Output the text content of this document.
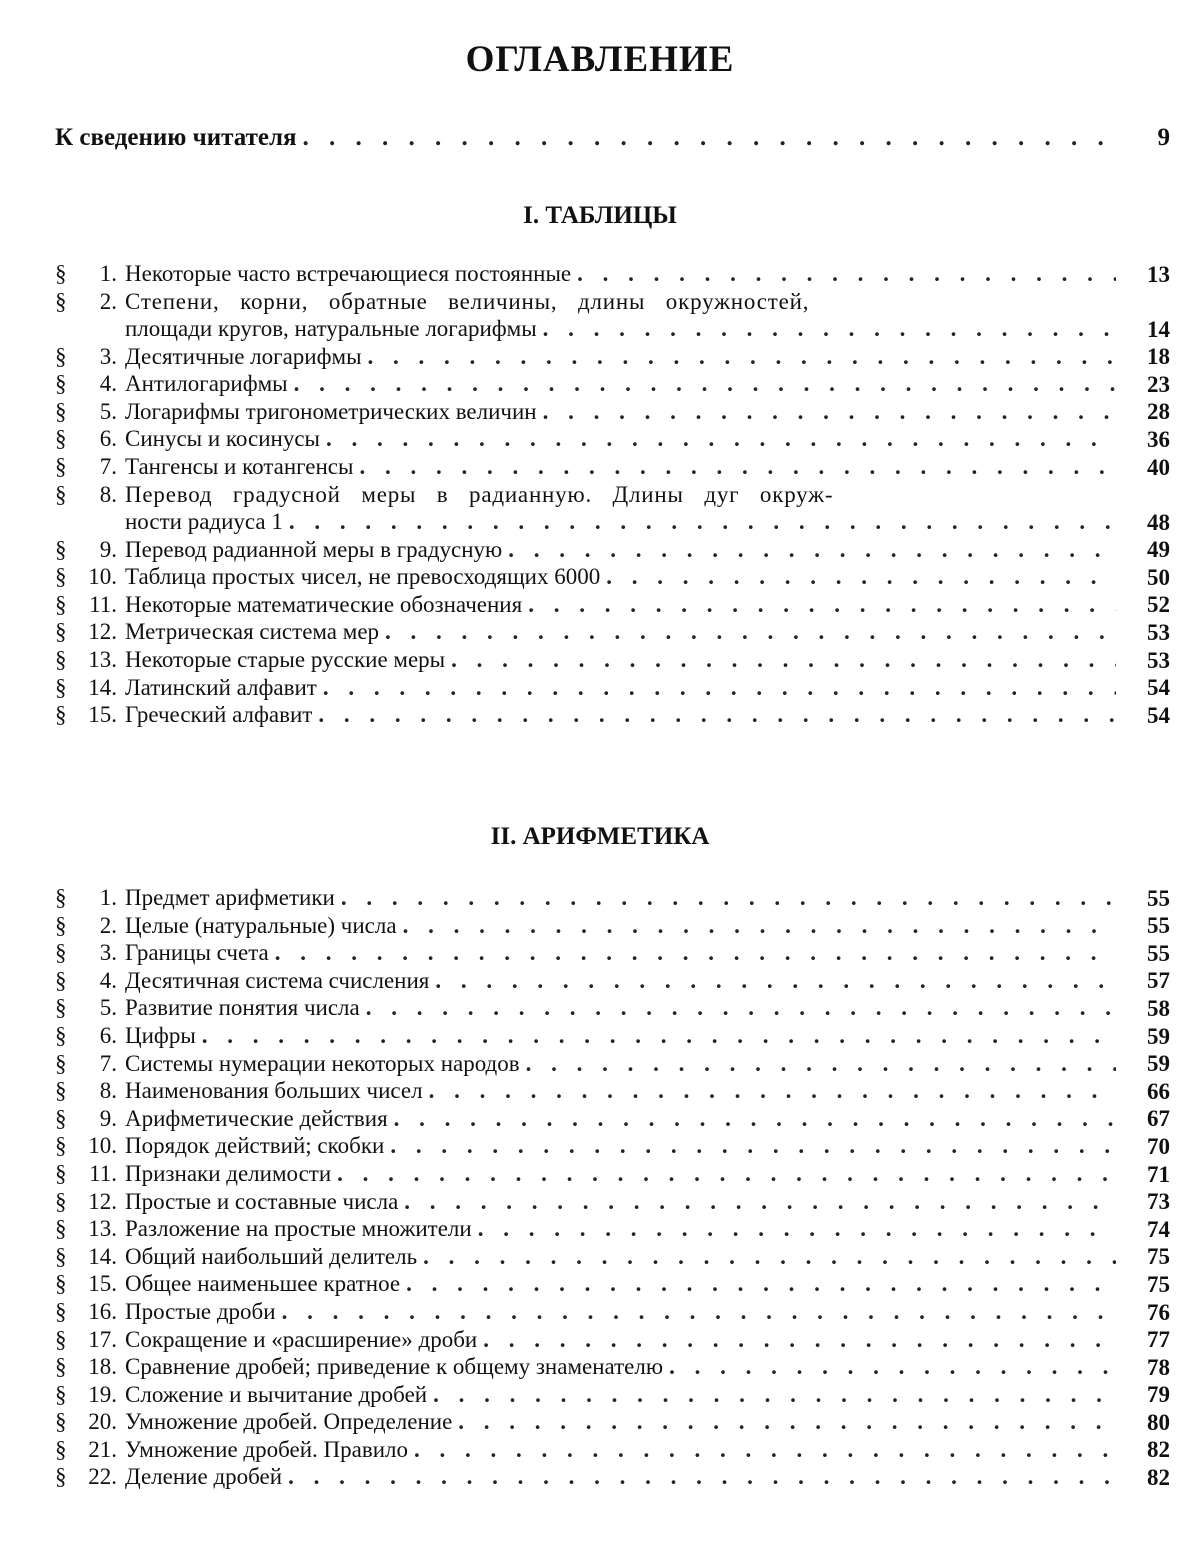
ОГЛАВЛЕНИЕ
К сведению читателя
. . .	9
I. ТАБЛИЦЫ
§	1. Некоторые часто встречающиеся постоянные
. . .	13
§	2. Степени, корни, обратные величины, длины окружностей,
площади кругов, натуральные логарифмы
. . .	14
§	3. Десятичные логарифмы
. . .	18
§	4. Антилогарифмы
. . .	23
§	5. Логарифмы тригонометрических величин
. . .	28
§	6. Синусы и косинусы
. . .	36
§	7. Тангенсы и котангенсы
. . .	40
§	8. Перевод градусной меры в радианную. Длины дуг окруж-
ности радиуса 1
. . .	48
§	9. Перевод радианной меры в градусную
. . .	49
§ 10. Таблица простых чисел, не превосходящих 6000
. . .	50
§ 11. Некоторые математические обозначения
. . .	52
§ 12. Метрическая система мер
. . .	53
§ 13. Некоторые старые русские меры
. . .	53
§ 14. Латинский алфавит
. . .	54
§ 15. Греческий алфавит
. . .	54
II. АРИФМЕТИКА
§	1. Предмет арифметики
. . .	55
§	2. Целые (натуральные) числа
. . .	55
§	3. Границы счета
. . .	55
§	4. Десятичная система счисления
. . .	57
§	5. Развитие понятия числа
. . .	58
§	6. Цифры
. . .	59
§	7. Системы нумерации некоторых народов
. . .	59
§	8. Наименования больших чисел
. . .	66
§	9. Арифметические действия
. . .	67
§ 10. Порядок действий; скобки
. . .	70
§ 11. Признаки делимости
. . .	71
§ 12. Простые и составные числа
. . .	73
§ 13. Разложение на простые множители
. . .	74
§ 14. Общий наибольший делитель
. . .	75
§ 15. Общее наименьшее кратное
. . .	75
§ 16. Простые дроби
. . .	76
§ 17. Сокращение и «расширение» дроби
. . .	77
§ 18. Сравнение дробей; приведение к общему знаменателю
. . .	78
§ 19. Сложение и вычитание дробей
. . .	79
§ 20. Умножение дробей. Определение
. . .	80
§ 21. Умножение дробей. Правило
. . .	82
§ 22. Деление дробей
. . .	82
